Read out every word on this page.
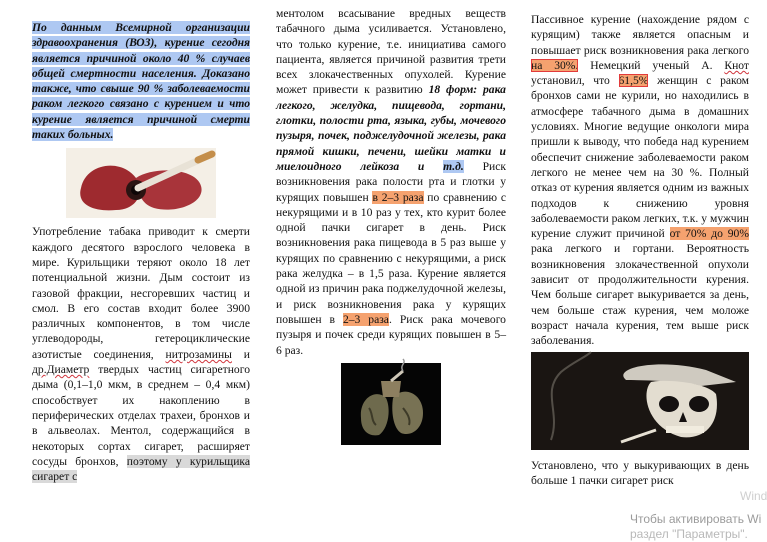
По данным Всемирной организации здравоохранения (ВОЗ), курение сегодня является причиной около 40 % случаев общей смертности населения. Доказано также, что свыше 90 % заболеваемости раком легкого связано с курением и что курение является причиной смерти таких больных.

Употребление табака приводит к смерти каждого десятого взрослого человека в мире. Курильщики теряют около 18 лет потенциальной жизни. Дым состоит из газовой фракции, несгоревших частиц и смол. В его состав входит более 3900 различных компонентов, в том числе углеводороды, гетероциклические азотистые соединения, нитрозамины и др.Диаметр твердых частиц сигаретного дыма (0,1–1,0 мкм, в среднем – 0,4 мкм) способствует их накоплению в периферических отделах трахеи, бронхов и в альвеолах. Ментол, содержащийся в некоторых сортах сигарет, расширяет сосуды бронхов, поэтому у курильщика сигарет с

ментолом всасывание вредных веществ табачного дыма усиливается. Установлено, что только курение, т.е. инициатива самого пациента, является причиной развития трети всех злокачественных опухолей. Курение может привести к развитию 18 форм: рака легкого, желудка, пищевода, гортани, глотки, полости рта, языка, губы, мочевого пузыря, почек, поджелудочной железы, рака прямой кишки, печени, шейки матки и миелоидного лейкоза и т.д. Риск возникновения рака полости рта и глотки у курящих повышен в 2–3 раза по сравнению с некурящими и в 10 раз у тех, кто курит более одной пачки сигарет в день. Риск возникновения рака пищевода в 5 раз выше у курящих по сравнению с некурящими, а риск рака желудка – в 1,5 раза. Курение является одной из причин рака поджелудочной железы, и риск возникновения рака у курящих повышен в 2–3 раза. Риск рака мочевого пузыря и почек среди курящих повышен в 5–6 раз.

Пассивное курение (нахождение рядом с курящим) также является опасным и повышает риск возникновения рака легкого на 30%. Немецкий ученый А. Кнот установил, что 61,5% женщин с раком бронхов сами не курили, но находились в атмосфере табачного дыма в домашних условиях. Многие ведущие онкологи мира пришли к выводу, что победа над курением обеспечит снижение заболеваемости раком легкого не менее чем на 30 %. Полный отказ от курения является одним из важных подходов к снижению уровня заболеваемости раком легких, т.к. у мужчин курение служит причиной от 70% до 90% рака легкого и гортани. Вероятность возникновения злокачественной опухоли зависит от продолжительности курения. Чем больше сигарет выкуривается за день, чем больше стаж курения, чем моложе возраст начала курения, тем выше риск заболевания.

Установлено, что у выкуривающих в день больше 1 пачки сигарет риск

Wind
Чтобы активировать Wi
раздел "Параметры".
